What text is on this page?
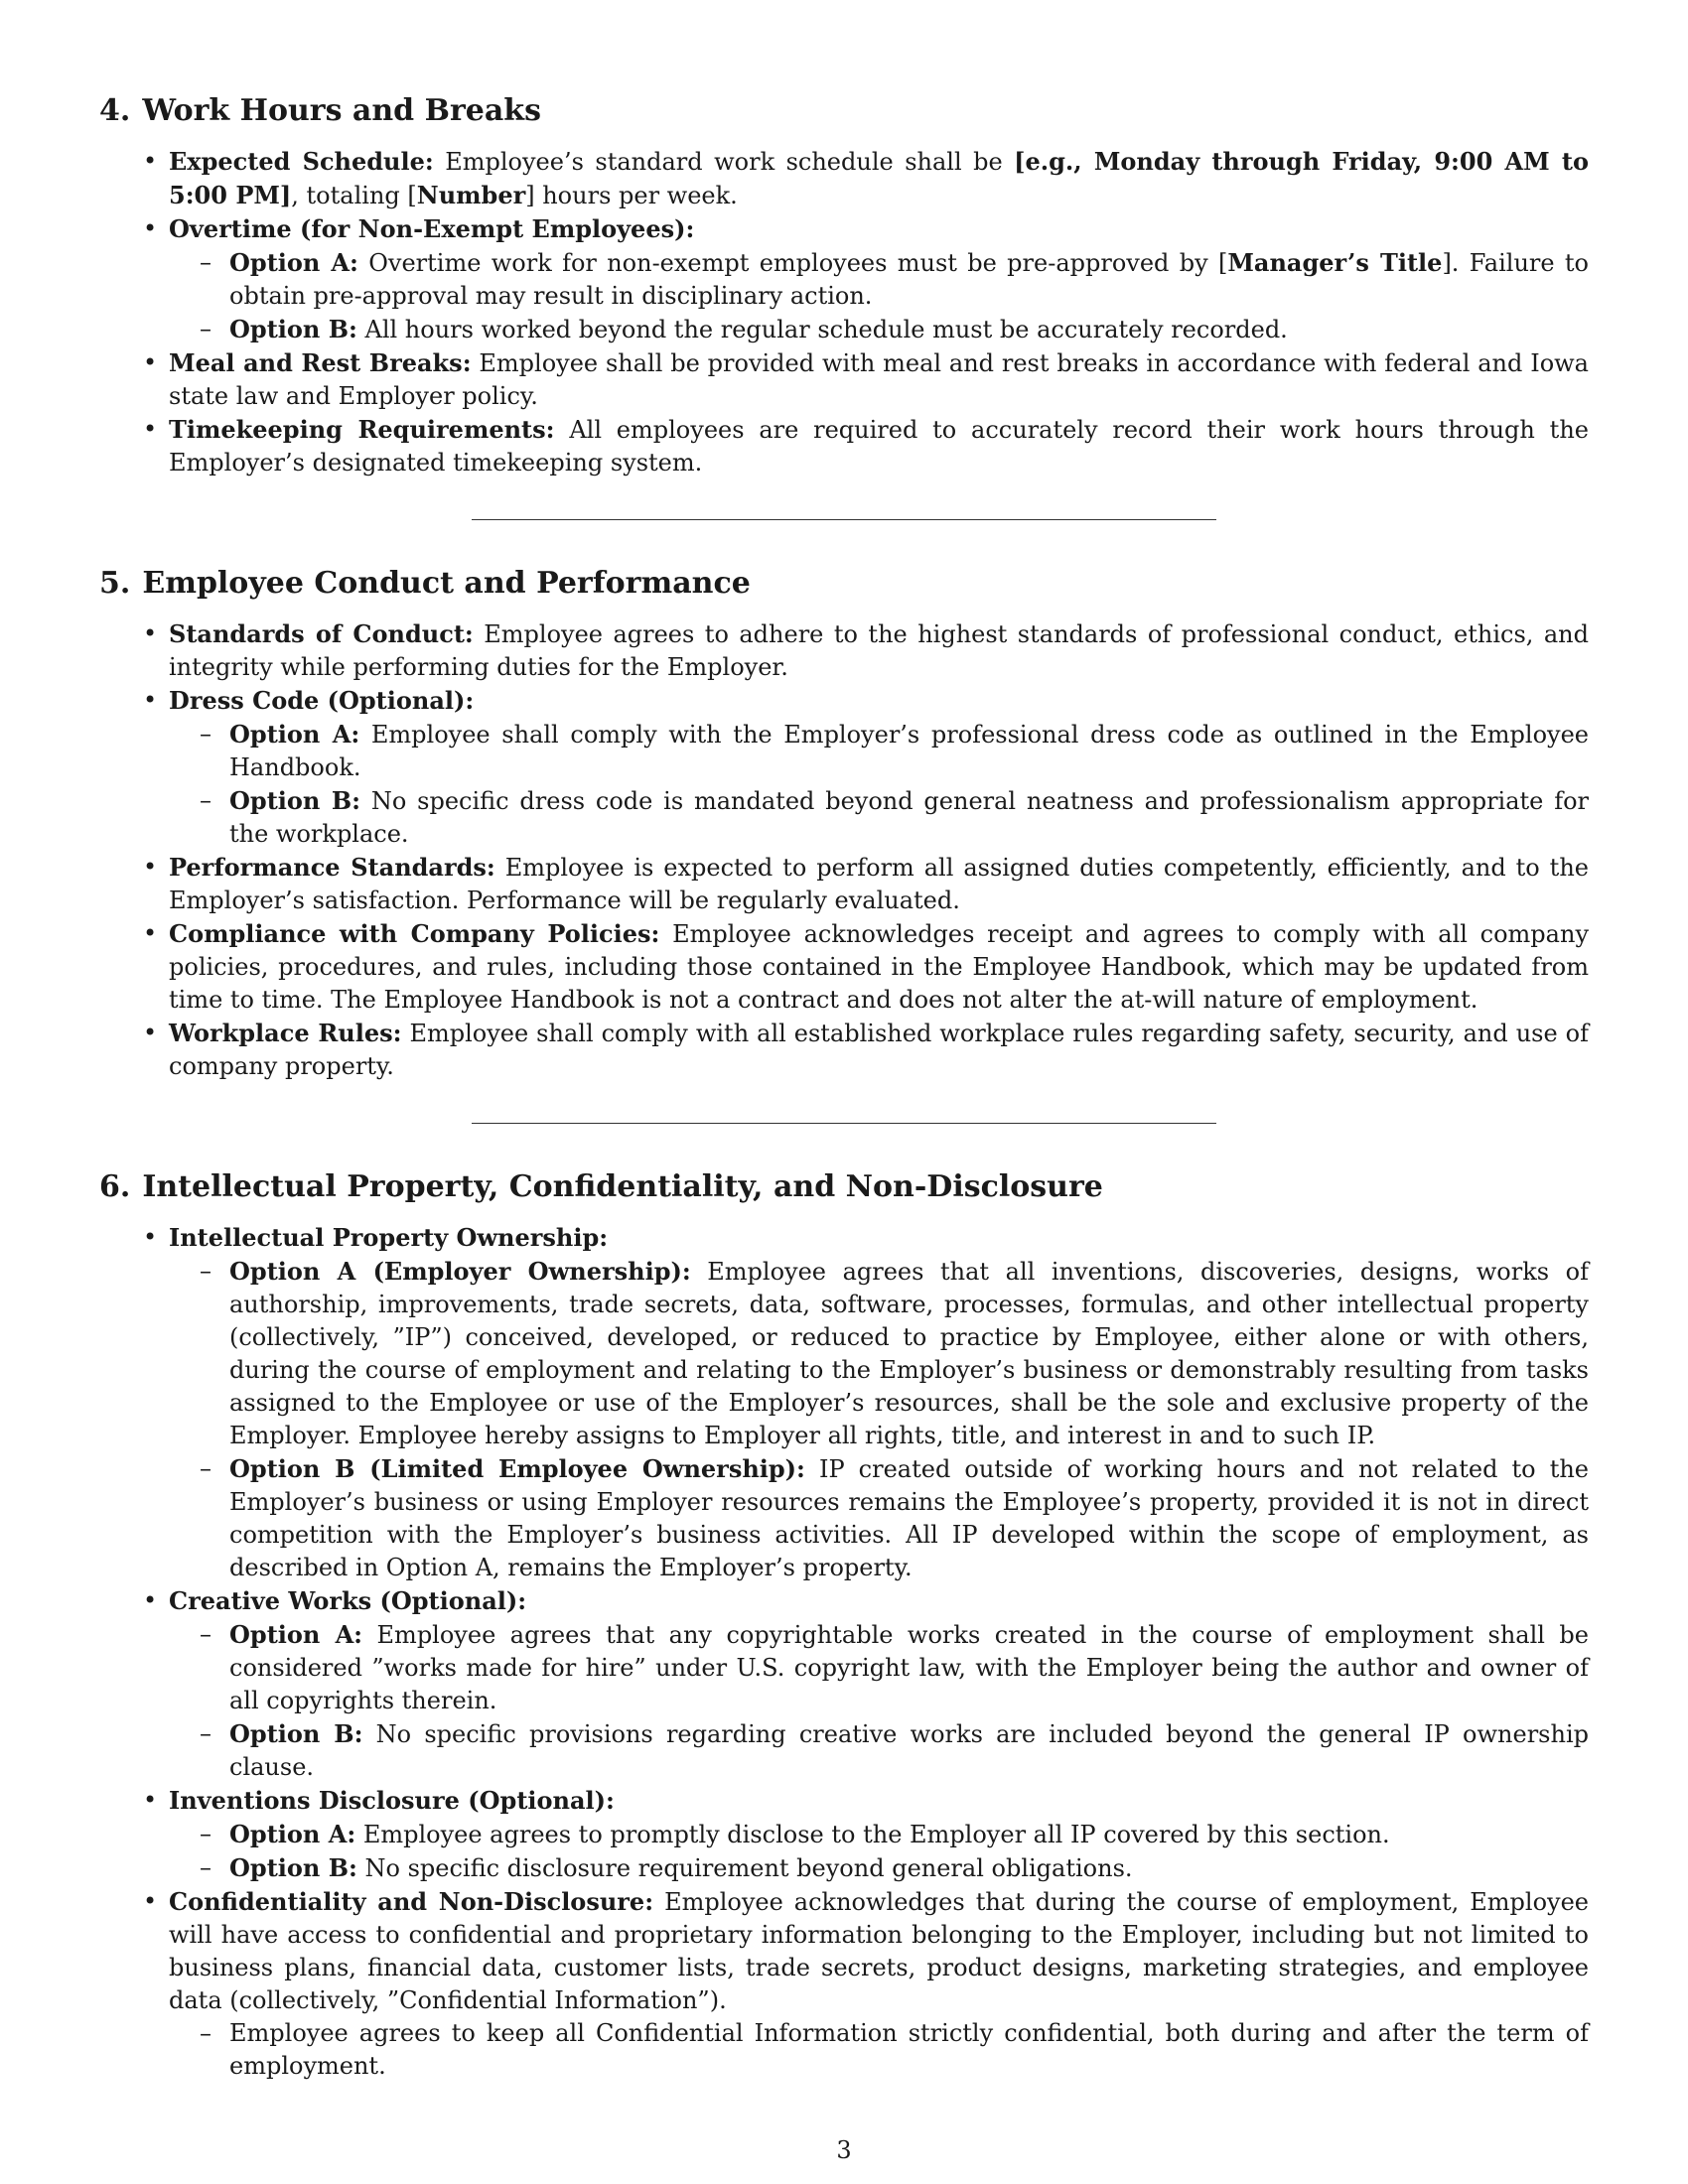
4. Work Hours and Breaks
• Expected Schedule: Employee’s standard work schedule shall be [e.g., Monday through Friday, 9:00 AM to 5:00 PM], totaling [Number] hours per week.
• Overtime (for Non-Exempt Employees):
– Option A: Overtime work for non-exempt employees must be pre-approved by [Manager’s Title]. Failure to obtain pre-approval may result in disciplinary action.
– Option B: All hours worked beyond the regular schedule must be accurately recorded.
• Meal and Rest Breaks: Employee shall be provided with meal and rest breaks in accordance with federal and Iowa state law and Employer policy.
• Timekeeping Requirements: All employees are required to accurately record their work hours through the Employer’s designated timekeeping system.
5. Employee Conduct and Performance
• Standards of Conduct: Employee agrees to adhere to the highest standards of professional conduct, ethics, and integrity while performing duties for the Employer.
• Dress Code (Optional):
– Option A: Employee shall comply with the Employer’s professional dress code as outlined in the Employee Handbook.
– Option B: No specific dress code is mandated beyond general neatness and professionalism appropriate for the workplace.
• Performance Standards: Employee is expected to perform all assigned duties competently, efficiently, and to the Employer’s satisfaction. Performance will be regularly evaluated.
• Compliance with Company Policies: Employee acknowledges receipt and agrees to comply with all company policies, procedures, and rules, including those contained in the Employee Handbook, which may be updated from time to time. The Employee Handbook is not a contract and does not alter the at-will nature of employment.
• Workplace Rules: Employee shall comply with all established workplace rules regarding safety, security, and use of company property.
6. Intellectual Property, Confidentiality, and Non-Disclosure
• Intellectual Property Ownership:
– Option A (Employer Ownership): Employee agrees that all inventions, discoveries, designs, works of authorship, improvements, trade secrets, data, software, processes, formulas, and other intellectual property (collectively, ”IP”) conceived, developed, or reduced to practice by Employee, either alone or with others, during the course of employment and relating to the Employer’s business or demonstrably resulting from tasks assigned to the Employee or use of the Employer’s resources, shall be the sole and exclusive property of the Employer. Employee hereby assigns to Employer all rights, title, and interest in and to such IP.
– Option B (Limited Employee Ownership): IP created outside of working hours and not related to the Employer’s business or using Employer resources remains the Employee’s property, provided it is not in direct competition with the Employer’s business activities. All IP developed within the scope of employment, as described in Option A, remains the Employer’s property.
• Creative Works (Optional):
– Option A: Employee agrees that any copyrightable works created in the course of employment shall be considered ”works made for hire” under U.S. copyright law, with the Employer being the author and owner of all copyrights therein.
– Option B: No specific provisions regarding creative works are included beyond the general IP ownership clause.
• Inventions Disclosure (Optional):
– Option A: Employee agrees to promptly disclose to the Employer all IP covered by this section.
– Option B: No specific disclosure requirement beyond general obligations.
• Confidentiality and Non-Disclosure: Employee acknowledges that during the course of employment, Employee will have access to confidential and proprietary information belonging to the Employer, including but not limited to business plans, financial data, customer lists, trade secrets, product designs, marketing strategies, and employee data (collectively, ”Confidential Information”).
– Employee agrees to keep all Confidential Information strictly confidential, both during and after the term of employment.
3
